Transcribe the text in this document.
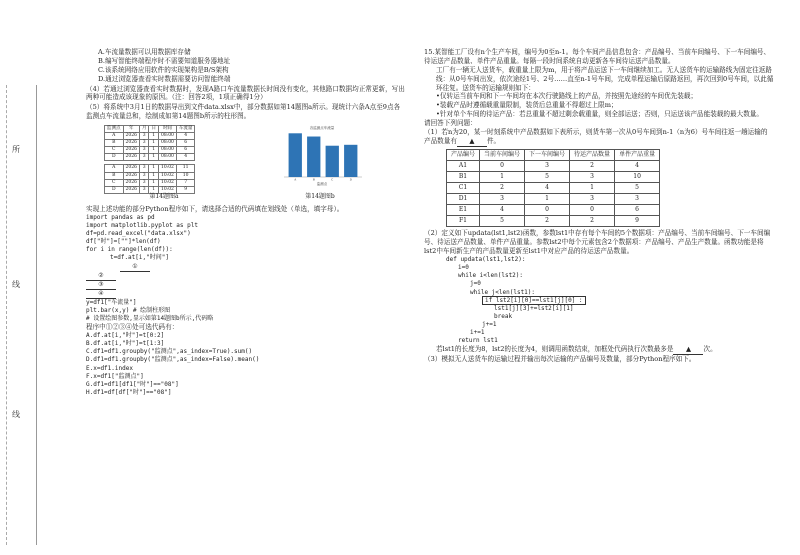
所
线
线
A.车流量数据可以用数据库存储
B.编写智能终端程序时不需要知道服务器地址
C.该系统网络应用软件的实现架构是B/S架构
D.通过浏览器查看实时数据需要访问智能终端
（4）若通过浏览器查看实时数据时，发现A路口车流量数据长时间没有变化，其他路口数据均正常更新，写出两种可能造成该现象的原因。（注：回答2项，1项正确得1分）
（5）将系统中3月1日的数据导出到文件data.xlsx中，部分数据如第14题图a所示。现统计六条A点至9点各监测点车流量总和，绘制成如第14题图b所示的柱形图。
监测点	年	月	日	时间	车流量
A	2026	3	1	08:00	4
B	2026	3	1	08:00	6
C	2026	3	1	08:00	6
D	2026	3	1	08:00	4

A	2026	3	1	10:02	11
B	2026	3	1	10:02	10
C	2026	3	1	10:02	7
D	2026	3	1	10:02	9
第14题图a
各监测点车流量
A	B	C	D
监测点
第14题图b
实现上述功能的部分Python程序如下，请选择合适的代码填在划线处（单选，填字母）。
import pandas as pd
import matplotlib.pyplot as plt
df=pd.read_excel("data.xlsx")
df["时"]=[""]*len(df)
for i in range(len(df)):
t=df.at[i,"时间"]
①
②
③
④
y=df1["车流量"]
plt.bar(x,y) # 绘制柱形图
# 设置绘图参数,显示如第14题图b所示,代码略
程序中①②③④处可选代码有：
A.df.at[i,"时"]=t[0:2]
B.df.at[i,"时"]=t[1:3]
C.df1=df1.groupby("监测点",as_index=True).sum()
D.df1=df1.groupby("监测点",as_index=False).mean()
E.x=df1.index
F.x=df1["监测点"]
G.df1=df1[df1["时"]=="08"]
H.df1=df[df["时"]=="08"]
15.某智能工厂设有n个生产车间，编号为0至n-1。每个车间产品信息包含：产品编号、当前车间编号、下一车间编号、待运送产品数量、单件产品重量。每隔一段时间系统自动更新各车间待运送产品数量。
工厂有一辆无人送货车，载重量上限为m，用于将产品运送下一车间继续加工。无人送货车的运输路线为固定往返路线：从0号车间出发，依次途经1号、2号……直至n-1号车间，完成单程运输后原路返回，再次回到0号车间，以此循环往复。送货车的运输规则如下：
•仅转运当前车间和下一车间均在本次行驶路线上的产品，并按照先途经的车间优先装载；
•装载产品时遵循载重量限制，装货后总重量不得超过上限m；
•针对单个车间的待运产品：若总重量不超过剩余载重量，则全部运送；否则，只运送该产品能装载的最大数量。
请回答下列问题：
（1）若n为20，某一时刻系统中产品数据如下表所示，则货车第一次从0号车间到n-1（n为6）号车间往返一趟运输的产品数量有 ▲ 件。
产品编号	当前车间编号	下一车间编号	待运产品数量	单件产品重量
A1	0	3	2	4
B1	1	5	3	10
C1	2	4	1	5
D1	3	1	3	3
E1	4	0	0	6
F1	5	2	2	9
（2）定义如下updata(lst1,lst2)函数，参数lst1中存有每个车间的5个数据项：产品编号、当前车间编号、下一车间编号、待运送产品数量、单件产品重量。参数lst2中每个元素包含2个数据项：产品编号、产品生产数量。函数功能是将lst2中车间新生产的产品数量更新至lst1中对应产品的待运送产品数量。
def updata(lst1,lst2):
i=0
while i<len(lst2):
j=0
while j<len(lst1):
if lst2[i][0]==lst1[j][0] :
lst1[j][3]+=lst2[i][1]
break
j+=1
i+=1
return lst1
若lst1的长度为8，lst2的长度为4，则调用函数结束，加框处代码执行次数最多是 ▲ 次。
（3）模拟无人送货车的运输过程并输出每次运输的产品编号及数量，部分Python程序如下。
